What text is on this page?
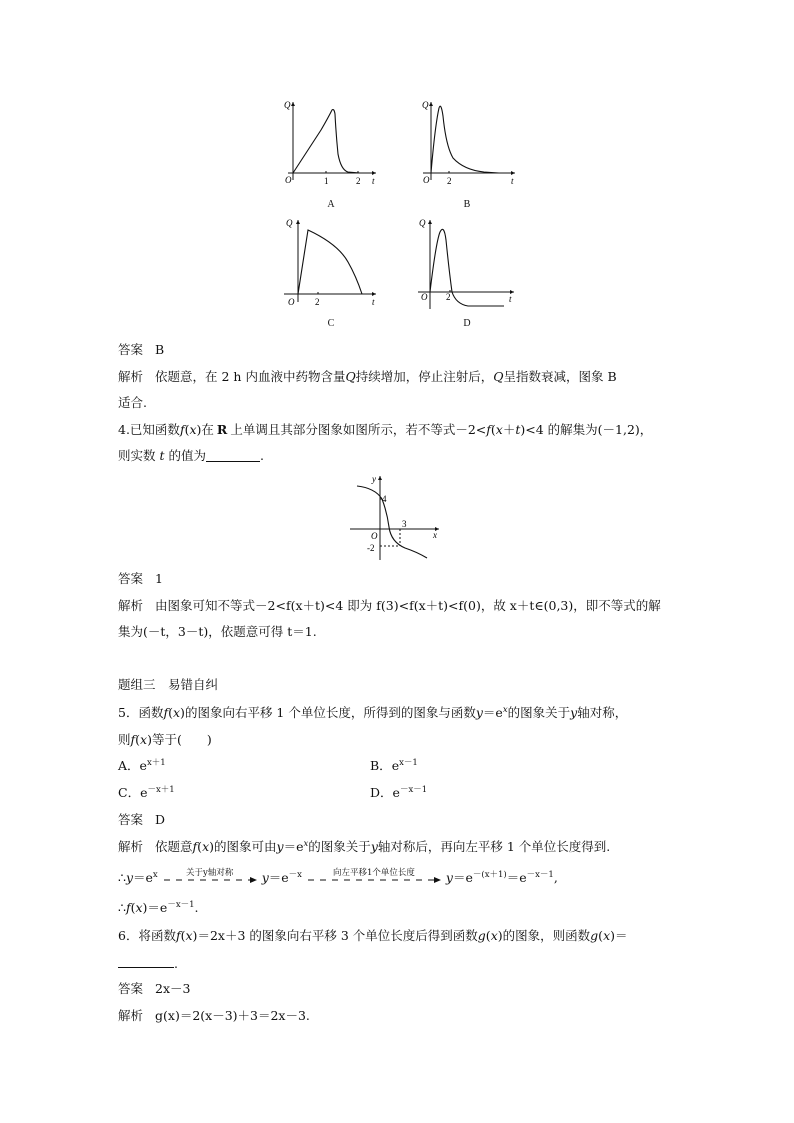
Q
O	1	2 t
A
Q
O 2	t
B
Q
O 2	t
C
Q
O 2	t
D
答案 B
解析 依题意，在 2 h 内血液中药物含量Q持续增加，停止注射后，Q呈指数衰减，图象 B
适合.
4.已知函数f(x)在 R 上单调且其部分图象如图所示，若不等式－2<f(x＋t)<4 的解集为(－1,2)，
则实数 t 的值为	.
y
4
O
3
-2
x
答案 1
解析 由图象可知不等式－2<f(x＋t)<4 即为 f(3)<f(x＋t)<f(0)，故 x＋t∈(0,3)，即不等式的解
集为(－t，3－t)，依题意可得 t＝1.
题组三　易错自纠
5．函数f(x)的图象向右平移 1 个单位长度，所得到的图象与函数$y=e^x$的图象关于y轴对称，
则f(x)等于(　　)
A．$e^{x+1}$	B．$e^{x-1}$
C．$e^{-x+1}$	D．$e^{-x-1}$
答案 D
解析 依题意f(x)的图象可由$y=e^x$的图象关于y轴对称后，再向左平移 1 个单位长度得到.
$\therefore y=e^x$	关于y轴对称	$y=e^{-x}$	向左平移1个单位长度	$y=e^{-(x+1)}=e^{-x-1}$,
$\therefore f(x)=e^{-x-1}$.
6．将函数f(x)＝2x＋3 的图象向右平移 3 个单位长度后得到函数g(x)的图象，则函数g(x)＝
.
答案 2x－3
解析 g(x)＝2(x－3)＋3＝2x－3.
